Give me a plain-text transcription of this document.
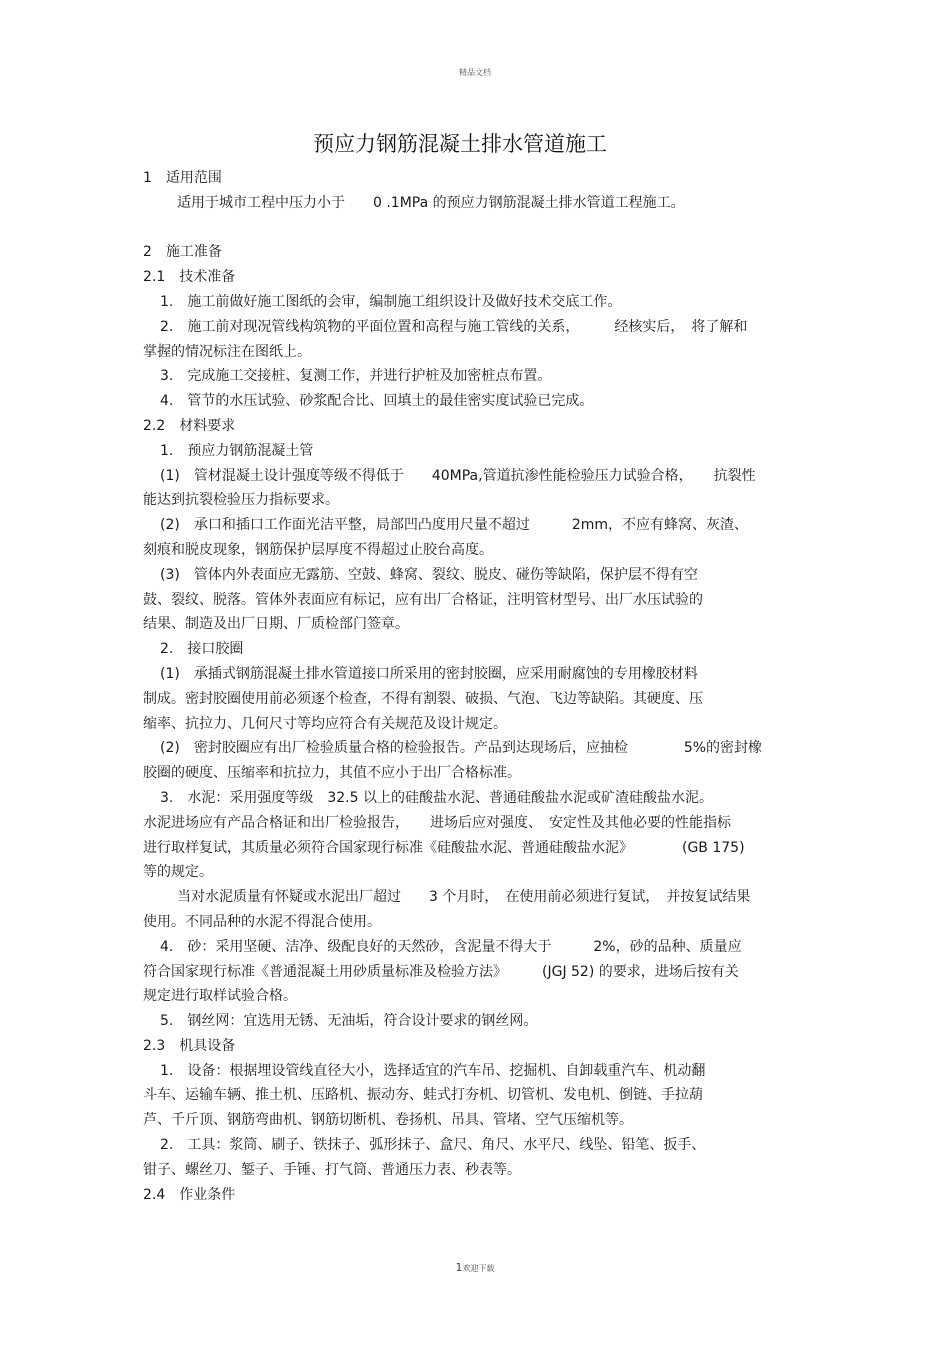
精品文档
预应力钢筋混凝土排水管道施工

1　适用范围

适用于城市工程中压力小于　　0 .1MPa 的预应力钢筋混凝土排水管道工程施工。

2　施工准备

2.1　技术准备

1.　施工前做好施工图纸的会审，编制施工组织设计及做好技术交底工作。

2.　施工前对现况管线构筑物的平面位置和高程与施工管线的关系，　　　经核实后，　将了解和

掌握的情况标注在图纸上。

3.　完成施工交接桩、复测工作，并进行护桩及加密桩点布置。

4.　管节的水压试验、砂浆配合比、回填土的最佳密实度试验已完成。

2.2　材料要求

1.　预应力钢筋混凝土管

(1)　管材混凝土设计强度等级不得低于　　40MPa,管道抗渗性能检验压力试验合格，　　抗裂性

能达到抗裂检验压力指标要求。

(2)　承口和插口工作面光洁平整，局部凹凸度用尺量不超过　　　2mm，不应有蜂窝、灰渣、

刻痕和脱皮现象，钢筋保护层厚度不得超过止胶台高度。

(3)　管体内外表面应无露筋、空鼓、蜂窝、裂纹、脱皮、碰伤等缺陷，保护层不得有空

鼓、裂纹、脱落。管体外表面应有标记，应有出厂合格证，注明管材型号、出厂水压试验的

结果、制造及出厂日期、厂质检部门签章。

2.　接口胶圈

(1)　承插式钢筋混凝土排水管道接口所采用的密封胶圈，应采用耐腐蚀的专用橡胶材料

制成。密封胶圈使用前必须逐个检查，不得有割裂、破损、气泡、飞边等缺陷。其硬度、压

缩率、抗拉力、几何尺寸等均应符合有关规范及设计规定。

(2)　密封胶圈应有出厂检验质量合格的检验报告。产品到达现场后，应抽检　　　　5%的密封橡

胶圈的硬度、压缩率和抗拉力，其值不应小于出厂合格标准。

3.　水泥：采用强度等级　32.5 以上的硅酸盐水泥、普通硅酸盐水泥或矿渣硅酸盐水泥。

水泥进场应有产品合格证和出厂检验报告，　　进场后应对强度、　安定性及其他必要的性能指标

进行取样复试，其质量必须符合国家现行标准《硅酸盐水泥、普通硅酸盐水泥》　　　　(GB 175)

等的规定。

当对水泥质量有怀疑或水泥出厂超过　　3 个月时，　在使用前必须进行复试，　并按复试结果

使用。不同品种的水泥不得混合使用。

4.　砂：采用坚硬、洁净、级配良好的天然砂，含泥量不得大于　　　2%，砂的品种、质量应

符合国家现行标准《普通混凝土用砂质量标准及检验方法》　　　(JGJ 52) 的要求，进场后按有关

规定进行取样试验合格。

5.　钢丝网：宜选用无锈、无油垢，符合设计要求的钢丝网。

2.3　机具设备

1.　设备：根据埋设管线直径大小，选择适宜的汽车吊、挖掘机、自卸载重汽车、机动翻

斗车、运输车辆、推土机、压路机、振动夯、蛙式打夯机、切管机、发电机、倒链、手拉葫

芦、千斤顶、钢筋弯曲机、钢筋切断机、卷扬机、吊具、管堵、空气压缩机等。

2.　工具：浆筒、刷子、铁抹子、弧形抹子、盒尺、角尺、水平尺、线坠、铅笔、扳手、

钳子、螺丝刀、錾子、手锤、打气筒、普通压力表、秒表等。

2.4　作业条件

1欢迎下载
